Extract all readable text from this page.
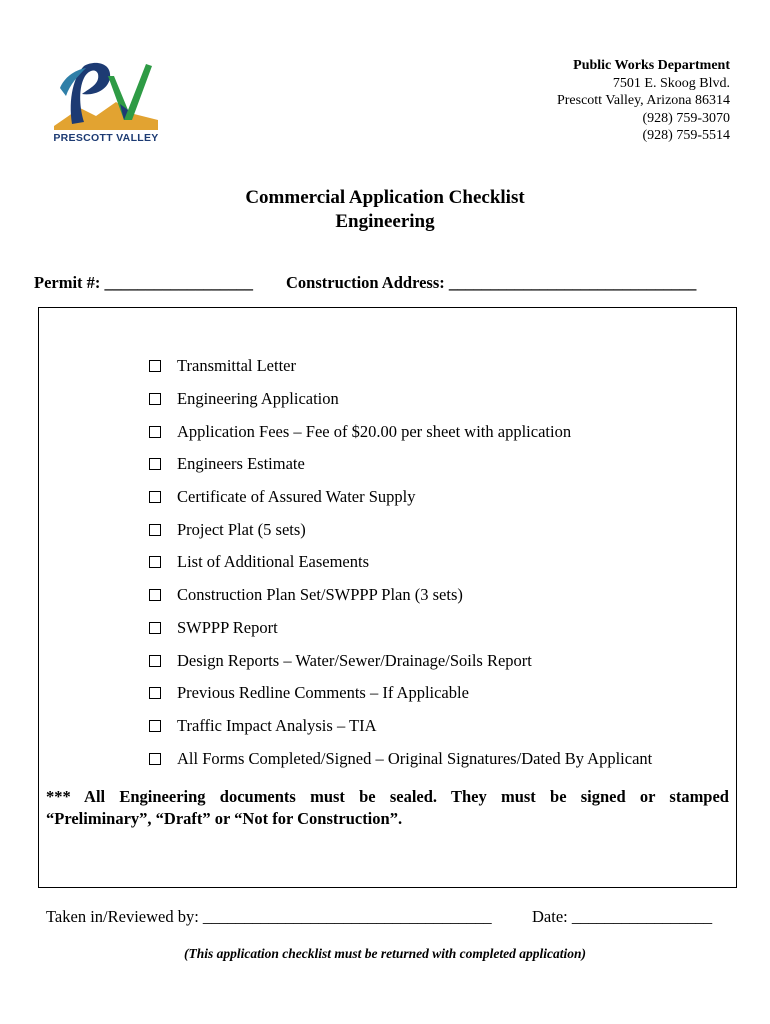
PRESCOTT VALLEY
Public Works Department
7501 E. Skoog Blvd.
Prescott Valley, Arizona 86314
(928) 759-3070
(928) 759-5514
Commercial Application Checklist
Engineering
Permit #: __________________ Construction Address: ______________________________
Transmittal Letter
Engineering Application
Application Fees – Fee of $20.00 per sheet with application
Engineers Estimate
Certificate of Assured Water Supply
Project Plat (5 sets)
List of Additional Easements
Construction Plan Set/SWPPP Plan (3 sets)
SWPPP Report
Design Reports – Water/Sewer/Drainage/Soils Report
Previous Redline Comments – If Applicable
Traffic Impact Analysis – TIA
All Forms Completed/Signed – Original Signatures/Dated By Applicant
*** All Engineering documents must be sealed. They must be signed or stamped
“Preliminary”, “Draft” or “Not for Construction”.
Taken in/Reviewed by: ___________________________________ Date: _________________
(This application checklist must be returned with completed application)
